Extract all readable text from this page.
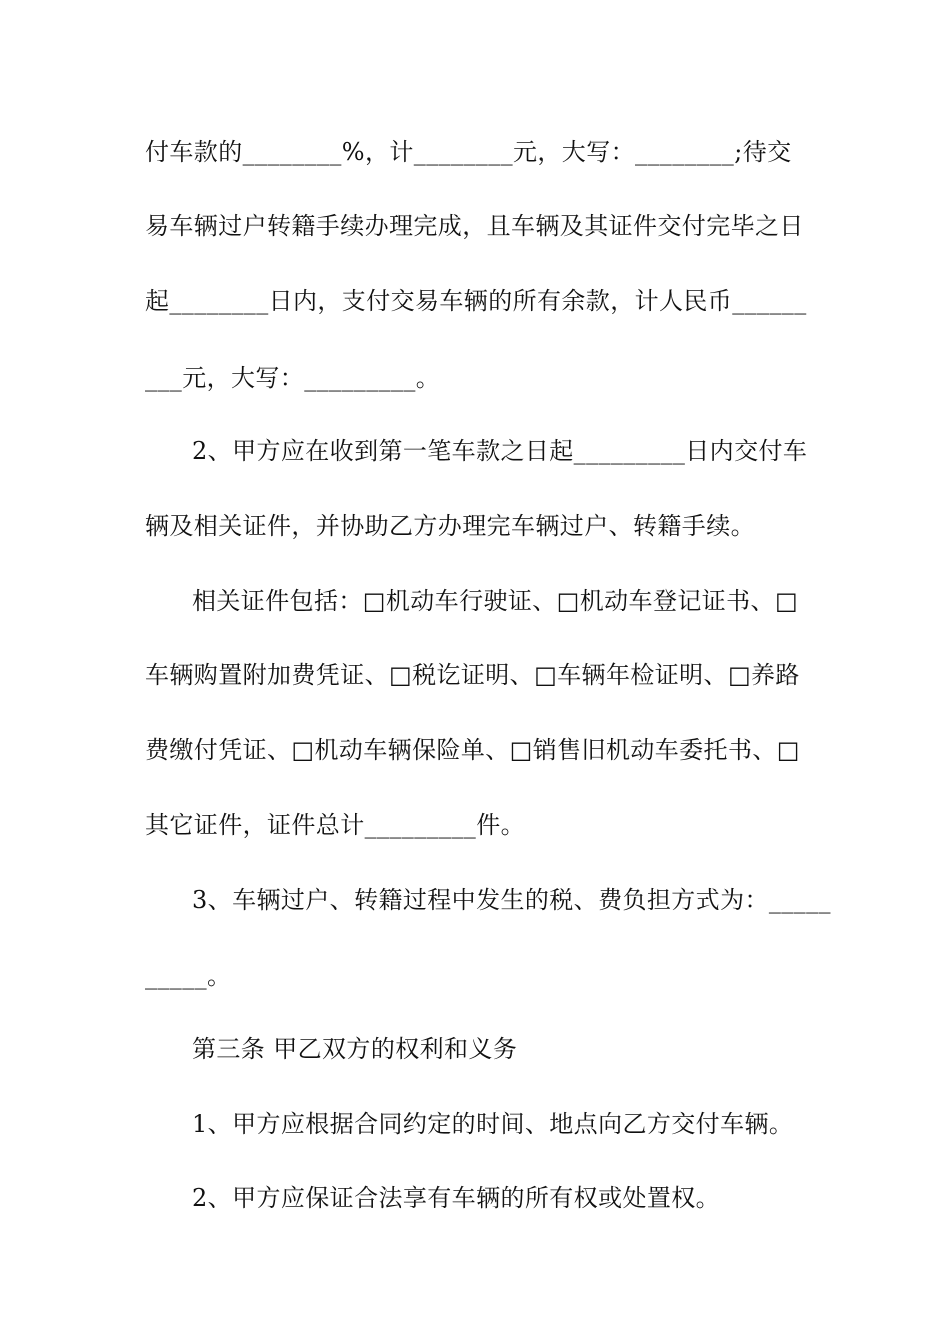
付车款的________%，计________元，大写：________;待交
易车辆过户转籍手续办理完成，且车辆及其证件交付完毕之日
起________日内，支付交易车辆的所有余款，计人民币______
___元，大写：_________。
2、甲方应在收到第一笔车款之日起_________日内交付车
辆及相关证件，并协助乙方办理完车辆过户、转籍手续。
相关证件包括：□机动车行驶证、□机动车登记证书、□
车辆购置附加费凭证、□税讫证明、□车辆年检证明、□养路
费缴付凭证、□机动车辆保险单、□销售旧机动车委托书、□
其它证件，证件总计_________件。
3、车辆过户、转籍过程中发生的税、费负担方式为：_____
_____。
第三条 甲乙双方的权利和义务
1、甲方应根据合同约定的时间、地点向乙方交付车辆。
2、甲方应保证合法享有车辆的所有权或处置权。
